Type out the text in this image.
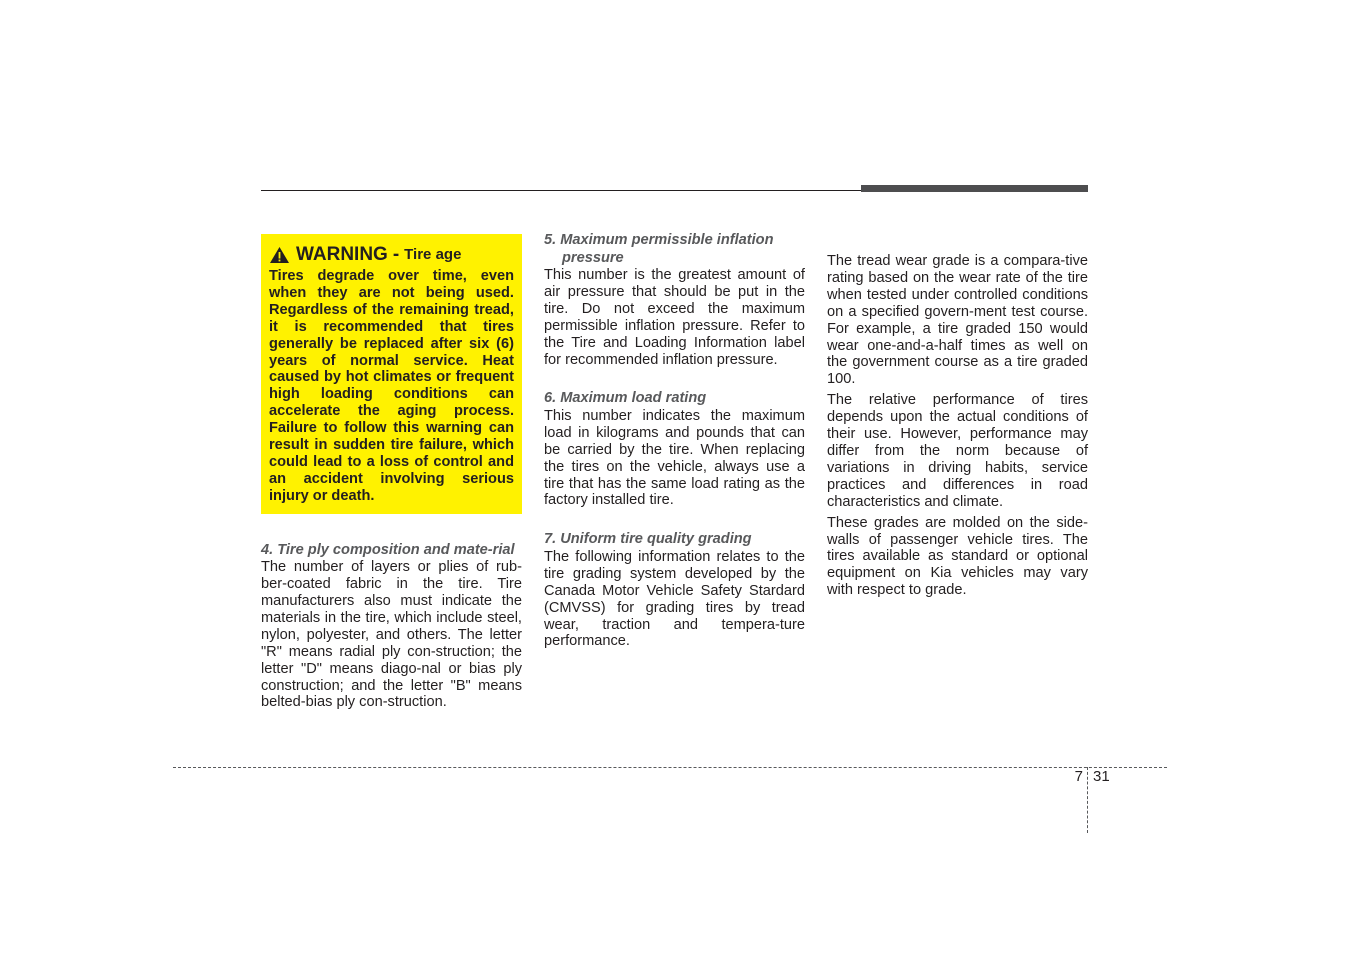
WARNING - Tire age

Tires degrade over time, even when they are not being used. Regardless of the remaining tread, it is recommended that tires generally be replaced after six (6) years of normal service. Heat caused by hot climates or frequent high loading conditions can accelerate the aging process. Failure to follow this warning can result in sudden tire failure, which could lead to a loss of control and an accident involving serious injury or death.

4. Tire ply composition and mate-rial

The number of layers or plies of rub-ber-coated fabric in the tire. Tire manufacturers also must indicate the materials in the tire, which include steel, nylon, polyester, and others. The letter "R" means radial ply con-struction; the letter "D" means diago-nal or bias ply construction; and the letter "B" means belted-bias ply con-struction.

5. Maximum permissible inflation pressure

This number is the greatest amount of air pressure that should be put in the tire. Do not exceed the maximum permissible inflation pressure. Refer to the Tire and Loading Information label for recommended inflation pressure.

6. Maximum load rating

This number indicates the maximum load in kilograms and pounds that can be carried by the tire. When replacing the tires on the vehicle, always use a tire that has the same load rating as the factory installed tire.

7. Uniform tire quality grading

The following information relates to the tire grading system developed by the Canada Motor Vehicle Safety Stardard (CMVSS) for grading tires by tread wear, traction and tempera-ture performance.

The tread wear grade is a compara-tive rating based on the wear rate of the tire when tested under controlled conditions on a specified govern-ment test course. For example, a tire graded 150 would wear one-and-a-half times as well on the government course as a tire graded 100.

The relative performance of tires depends upon the actual conditions of their use. However, performance may differ from the norm because of variations in driving habits, service practices and differences in road characteristics and climate.

These grades are molded on the side-walls of passenger vehicle tires. The tires available as standard or optional equipment on Kia vehicles may vary with respect to grade.

7 31
